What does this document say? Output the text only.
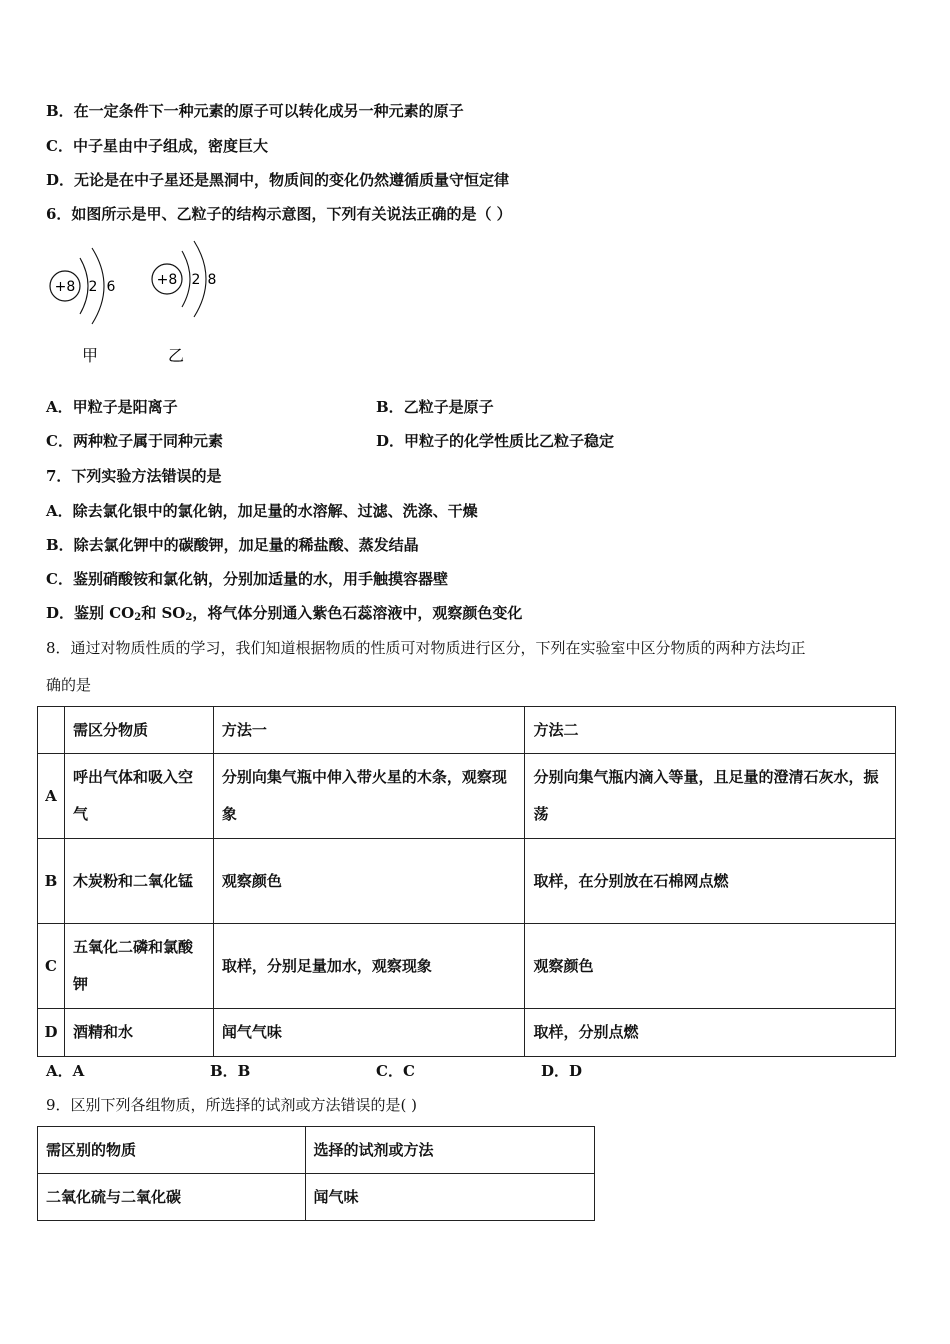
B．在一定条件下一种元素的原子可以转化成另一种元素的原子
C．中子星由中子组成，密度巨大
D．无论是在中子星还是黑洞中，物质间的变化仍然遵循质量守恒定律
6．如图所示是甲、乙粒子的结构示意图，下列有关说法正确的是（ ）
+8 2 6
甲
+8 2 8
乙
A．甲粒子是阳离子	B．乙粒子是原子
C．两种粒子属于同种元素	D．甲粒子的化学性质比乙粒子稳定
7．下列实验方法错误的是
A．除去氯化银中的氯化钠，加足量的水溶解、过滤、洗涤、干燥
B．除去氯化钾中的碳酸钾，加足量的稀盐酸、蒸发结晶
C．鉴别硝酸铵和氯化钠，分别加适量的水，用手触摸容器壁
D．鉴别 $CO_2$和 $SO_2$，将气体分别通入紫色石蕊溶液中，观察颜色变化
8．通过对物质性质的学习，我们知道根据物质的性质可对物质进行区分，下列在实验室中区分物质的两种方法均正
确的是
	需区分物质	方法一	方法二
A	呼出气体和吸入空气	分别向集气瓶中伸入带火星的木条，观察现象	分别向集气瓶内滴入等量，且足量的澄清石灰水，振荡
B	木炭粉和二氧化锰	观察颜色	取样，在分别放在石棉网点燃
C	五氧化二磷和氯酸钾	取样，分别足量加水，观察现象	观察颜色
D	酒精和水	闻气气味	取样，分别点燃
A．A	B．B	C．C	D．D
9．区别下列各组物质，所选择的试剂或方法错误的是( )
需区别的物质	选择的试剂或方法
二氧化硫与二氧化碳	闻气味
